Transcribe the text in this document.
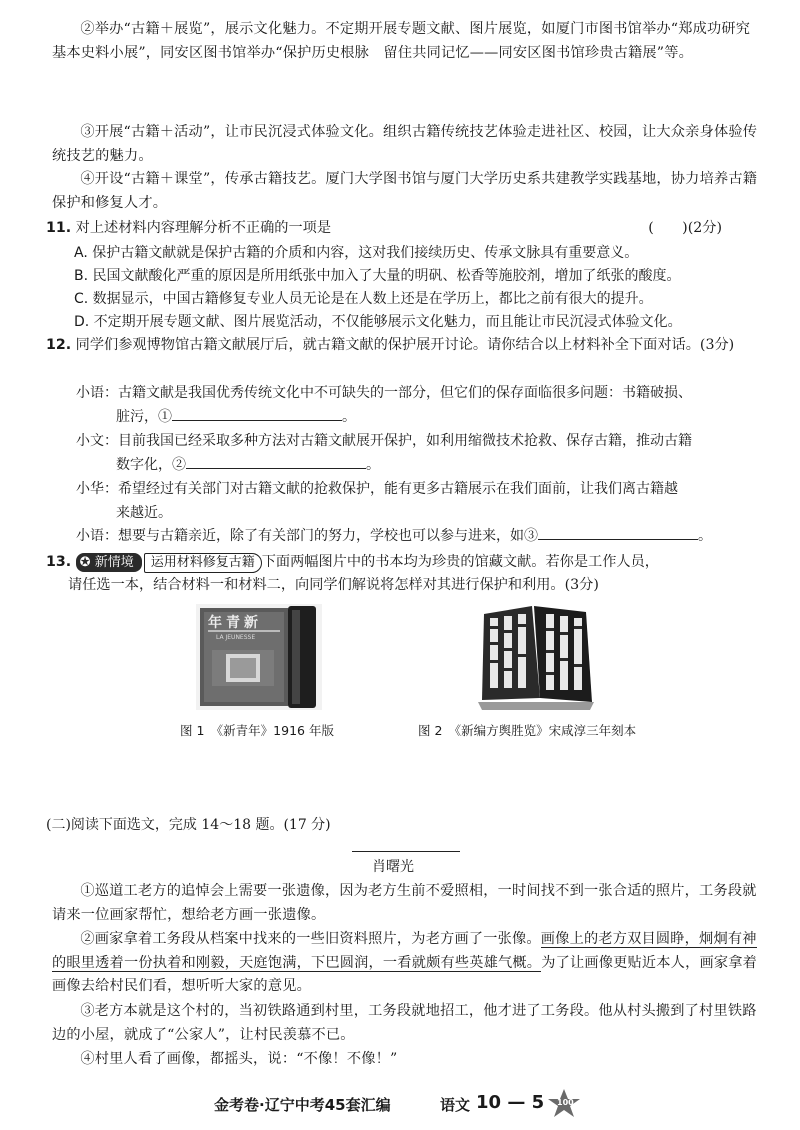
②举办“古籍＋展览”，展示文化魅力。不定期开展专题文献、图片展览，如厦门市图书馆举办“郑成功研究基本史料小展”，同安区图书馆举办“保护历史根脉　留住共同记忆——同安区图书馆珍贵古籍展”等。

③开展“古籍＋活动”，让市民沉浸式体验文化。组织古籍传统技艺体验走进社区、校园，让大众亲身体验传统技艺的魅力。

④开设“古籍＋课堂”，传承古籍技艺。厦门大学图书馆与厦门大学历史系共建教学实践基地，协力培养古籍保护和修复人才。

11. 对上述材料内容理解分析不正确的一项是	(　　)(2分)

A. 保护古籍文献就是保护古籍的介质和内容，这对我们接续历史、传承文脉具有重要意义。

B. 民国文献酸化严重的原因是所用纸张中加入了大量的明矾、松香等施胶剂，增加了纸张的酸度。

C. 数据显示，中国古籍修复专业人员无论是在人数上还是在学历上，都比之前有很大的提升。

D. 不定期开展专题文献、图片展览活动，不仅能够展示文化魅力，而且能让市民沉浸式体验文化。

12. 同学们参观博物馆古籍文献展厅后，就古籍文献的保护展开讨论。请你结合以上材料补全下面对话。(3分)

小语：古籍文献是我国优秀传统文化中不可缺失的一部分，但它们的保存面临很多问题：书籍破损、
脏污，①	。

小文：目前我国已经采取多种方法对古籍文献展开保护，如利用缩微技术抢救、保存古籍，推动古籍
数字化，②	。

小华：希望经过有关部门对古籍文献的抢救保护，能有更多古籍展示在我们面前，让我们离古籍越
来越近。

小语：想要与古籍亲近，除了有关部门的努力，学校也可以参与进来，如③	。

13. ✪ 新情境 运用材料修复古籍 下面两幅图片中的书本均为珍贵的馆藏文献。若你是工作人员，
请任选一本，结合材料一和材料二，向同学们解说将怎样对其进行保护和利用。(3分)

年青新
LA JEUNESSE
图 1　《新青年》1916 年版	图 2　《新编方舆胜览》宋咸淳三年刻本

(二)阅读下面选文，完成 14～18 题。(17 分)

肖曙光

①巡道工老方的追悼会上需要一张遗像，因为老方生前不爱照相，一时间找不到一张合适的照片，工务段就请来一位画家帮忙，想给老方画一张遗像。

②画家拿着工务段从档案中找来的一些旧资料照片，为老方画了一张像。画像上的老方双目圆睁，炯炯有神的眼里透着一份执着和刚毅，天庭饱满，下巴圆润，一看就颇有些英雄气概。为了让画像更贴近本人，画家拿着画像去给村民们看，想听听大家的意见。

③老方本就是这个村的，当初铁路通到村里，工务段就地招工，他才进了工务段。他从村头搬到了村里铁路边的小屋，就成了“公家人”，让村民羡慕不已。

④村里人看了画像，都摇头，说：“不像！不像！”

金考卷·辽宁中考45套汇编	语文 10 — 5 100
